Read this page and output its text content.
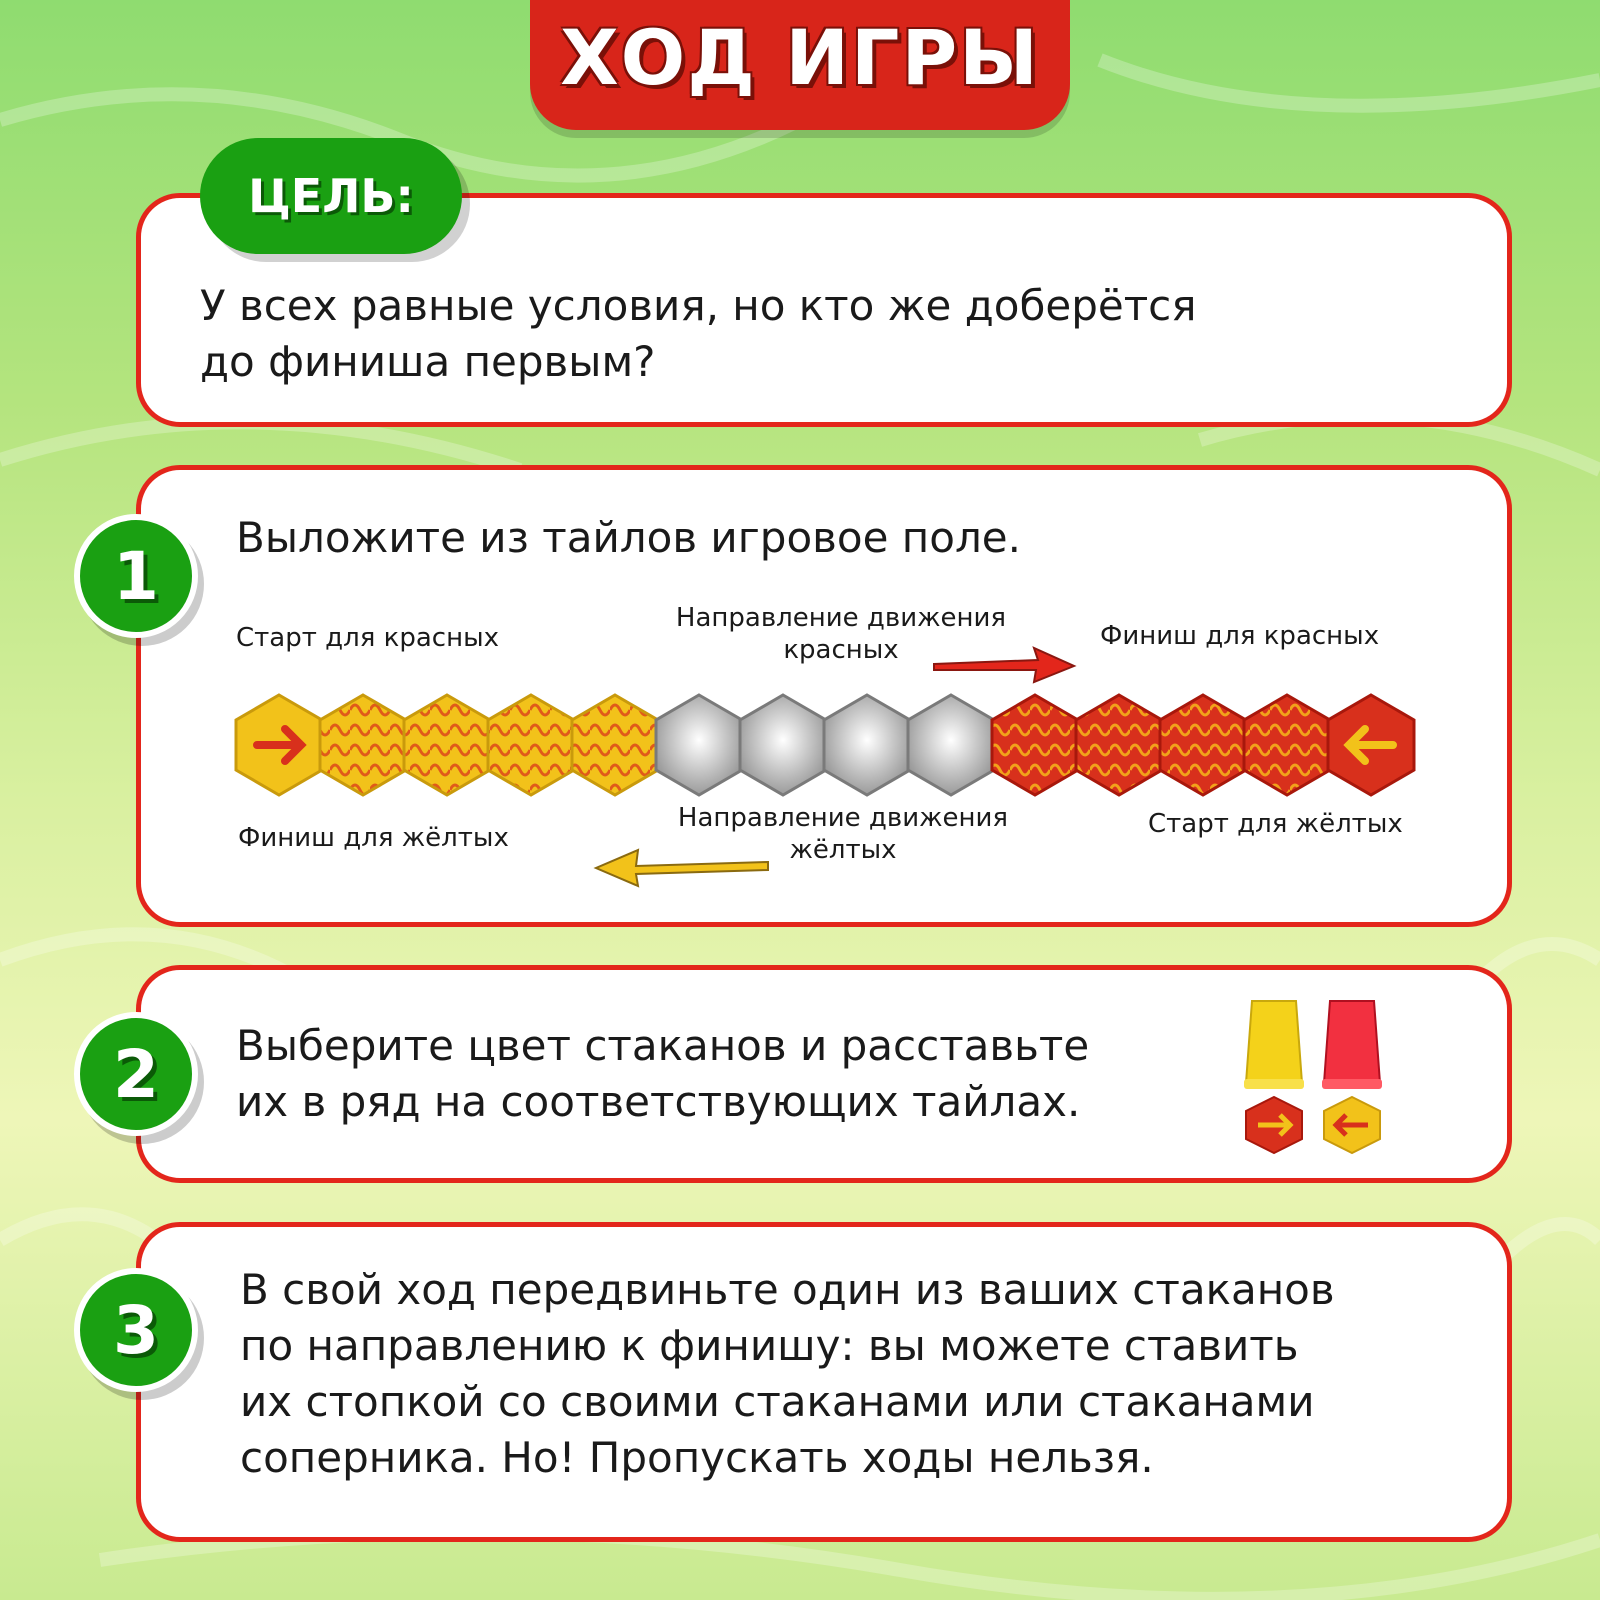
ХОД ИГРЫ
ЦЕЛЬ:
У всех равные условия, но кто же доберётся
до финиша первым?
1 Выложите из тайлов игровое поле.
Старт для красных
Направление движения
красных	Финиш для красных
Финиш для жёлтых
Направление движения
жёлтых
Старт для жёлтых
2 Выберите цвет стаканов и расставьте
их в ряд на соответствующих тайлах.
3
В свой ход передвиньте один из ваших стаканов
по направлению к финишу: вы можете ставить
их стопкой со своими стаканами или стаканами
соперника. Но! Пропускать ходы нельзя.
